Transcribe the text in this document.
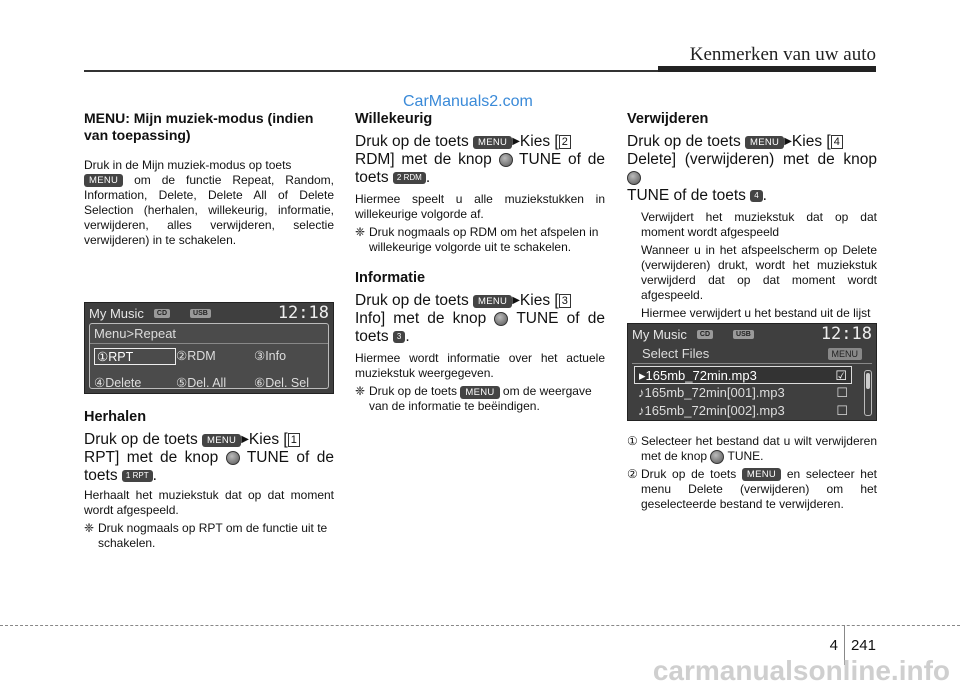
Kenmerken van uw auto
CarManuals2.com
MENU: Mijn muziek-modus (indien van toepassing)

Druk in de Mijn muziek-modus op toets
MENU om de functie Repeat, Random, Information, Delete, Delete All of Delete Selection (herhalen, willekeurig, informatie, verwijderen, alles verwijderen, selectie verwijderen) in te schakelen.

My Music	CD	USB	12:18
Menu>Repeat
①RPT	②RDM	③Info
④Delete	⑤Del. All	⑥Del. Sel
Herhalen
Druk op de toets MENU ▶Kies [ 1
RPT] met de knop TUNE of de toets 1 RPT .

Herhaalt het muziekstuk dat op dat moment wordt afgespeeld.

❈ Druk nogmaals op RPT om de functie uit te schakelen.

Willekeurig
Druk op de toets MENU ▶Kies [ 2
RDM] met de knop TUNE of de toets 2 RDM .

Hiermee speelt u alle muziekstukken in willekeurige volgorde af.

❈ Druk nogmaals op RDM om het afspelen in willekeurige volgorde uit te schakelen.

Informatie
Druk op de toets MENU ▶Kies [ 3
Info] met de knop TUNE of de toets 3 .

Hiermee wordt informatie over het actuele muziekstuk weergegeven.

❈ Druk op de toets MENU om de weergave van de informatie te beëindigen.

Verwijderen
Druk op de toets MENU ▶Kies [ 4
Delete] (verwijderen) met de knop
TUNE of de toets 4 .

Verwijdert het muziekstuk dat op dat moment wordt afgespeeld

Wanneer u in het afspeelscherm op Delete (verwijderen) drukt, wordt het muziekstuk verwijderd dat op dat moment wordt afgespeeld.

Hiermee verwijdert u het bestand uit de lijst

My Music	CD	USB	12:18
Select Files	MENU
▸165mb_72min.mp3	☑
♪165mb_72min[001].mp3	☐
♪165mb_72min[002].mp3	☐

① Selecteer het bestand dat u wilt verwijderen met de knop TUNE.

② Druk op de toets MENU en selecteer het menu Delete (verwijderen) om het geselecteerde bestand te verwijderen.

4 241
carmanualsonline.info
